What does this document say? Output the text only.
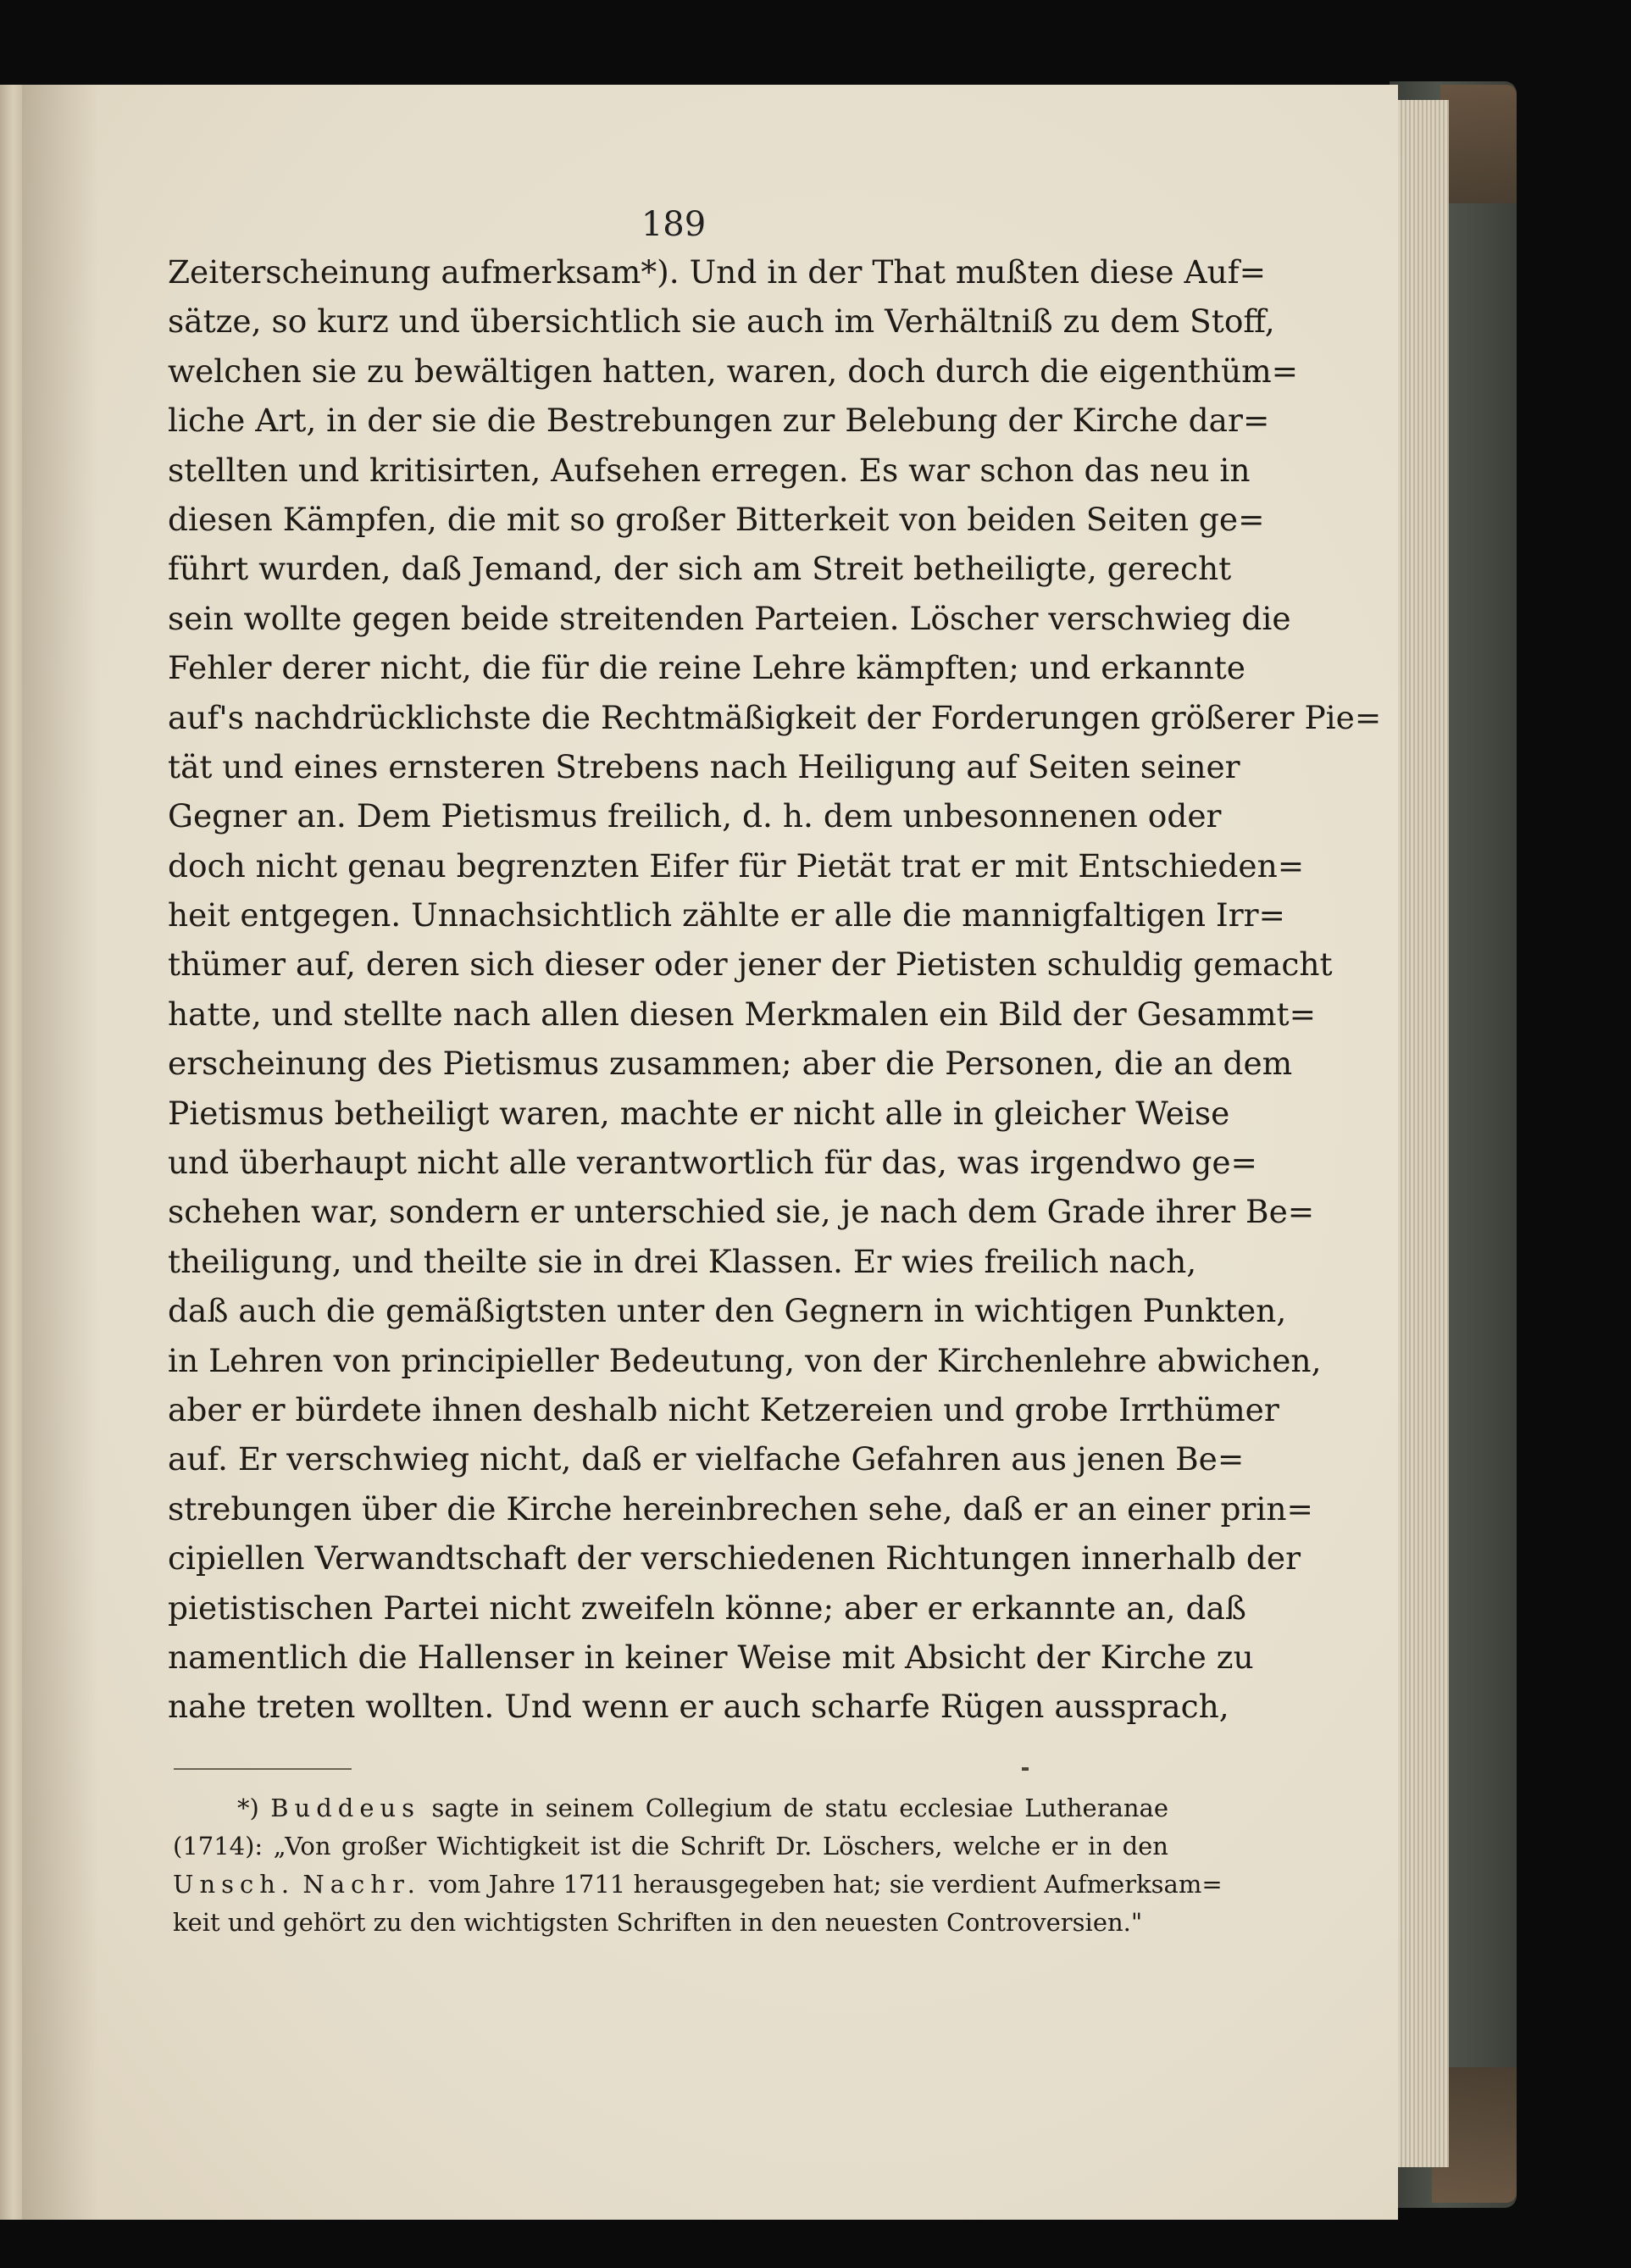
189
Zeiterscheinung aufmerksam*). Und in der That mußten diese Auf=
sätze, so kurz und übersichtlich sie auch im Verhältniß zu dem Stoff,
welchen sie zu bewältigen hatten, waren, doch durch die eigenthüm=
liche Art, in der sie die Bestrebungen zur Belebung der Kirche dar=
stellten und kritisirten, Aufsehen erregen. Es war schon das neu in
diesen Kämpfen, die mit so großer Bitterkeit von beiden Seiten ge=
führt wurden, daß Jemand, der sich am Streit betheiligte, gerecht
sein wollte gegen beide streitenden Parteien. Löscher verschwieg die
Fehler derer nicht, die für die reine Lehre kämpften; und erkannte
auf's nachdrücklichste die Rechtmäßigkeit der Forderungen größerer Pie=
tät und eines ernsteren Strebens nach Heiligung auf Seiten seiner
Gegner an. Dem Pietismus freilich, d. h. dem unbesonnenen oder
doch nicht genau begrenzten Eifer für Pietät trat er mit Entschieden=
heit entgegen. Unnachsichtlich zählte er alle die mannigfaltigen Irr=
thümer auf, deren sich dieser oder jener der Pietisten schuldig gemacht
hatte, und stellte nach allen diesen Merkmalen ein Bild der Gesammt=
erscheinung des Pietismus zusammen; aber die Personen, die an dem
Pietismus betheiligt waren, machte er nicht alle in gleicher Weise
und überhaupt nicht alle verantwortlich für das, was irgendwo ge=
schehen war, sondern er unterschied sie, je nach dem Grade ihrer Be=
theiligung, und theilte sie in drei Klassen. Er wies freilich nach,
daß auch die gemäßigtsten unter den Gegnern in wichtigen Punkten,
in Lehren von principieller Bedeutung, von der Kirchenlehre abwichen,
aber er bürdete ihnen deshalb nicht Ketzereien und grobe Irrthümer
auf. Er verschwieg nicht, daß er vielfache Gefahren aus jenen Be=
strebungen über die Kirche hereinbrechen sehe, daß er an einer prin=
cipiellen Verwandtschaft der verschiedenen Richtungen innerhalb der
pietistischen Partei nicht zweifeln könne; aber er erkannte an, daß
namentlich die Hallenser in keiner Weise mit Absicht der Kirche zu
nahe treten wollten. Und wenn er auch scharfe Rügen aussprach,
*) Buddeus sagte in seinem Collegium de statu ecclesiae Lutheranae
(1714): „Von großer Wichtigkeit ist die Schrift Dr. Löschers, welche er in den
Unsch. Nachr. vom Jahre 1711 herausgegeben hat; sie verdient Aufmerksam=
keit und gehört zu den wichtigsten Schriften in den neuesten Controversien."
